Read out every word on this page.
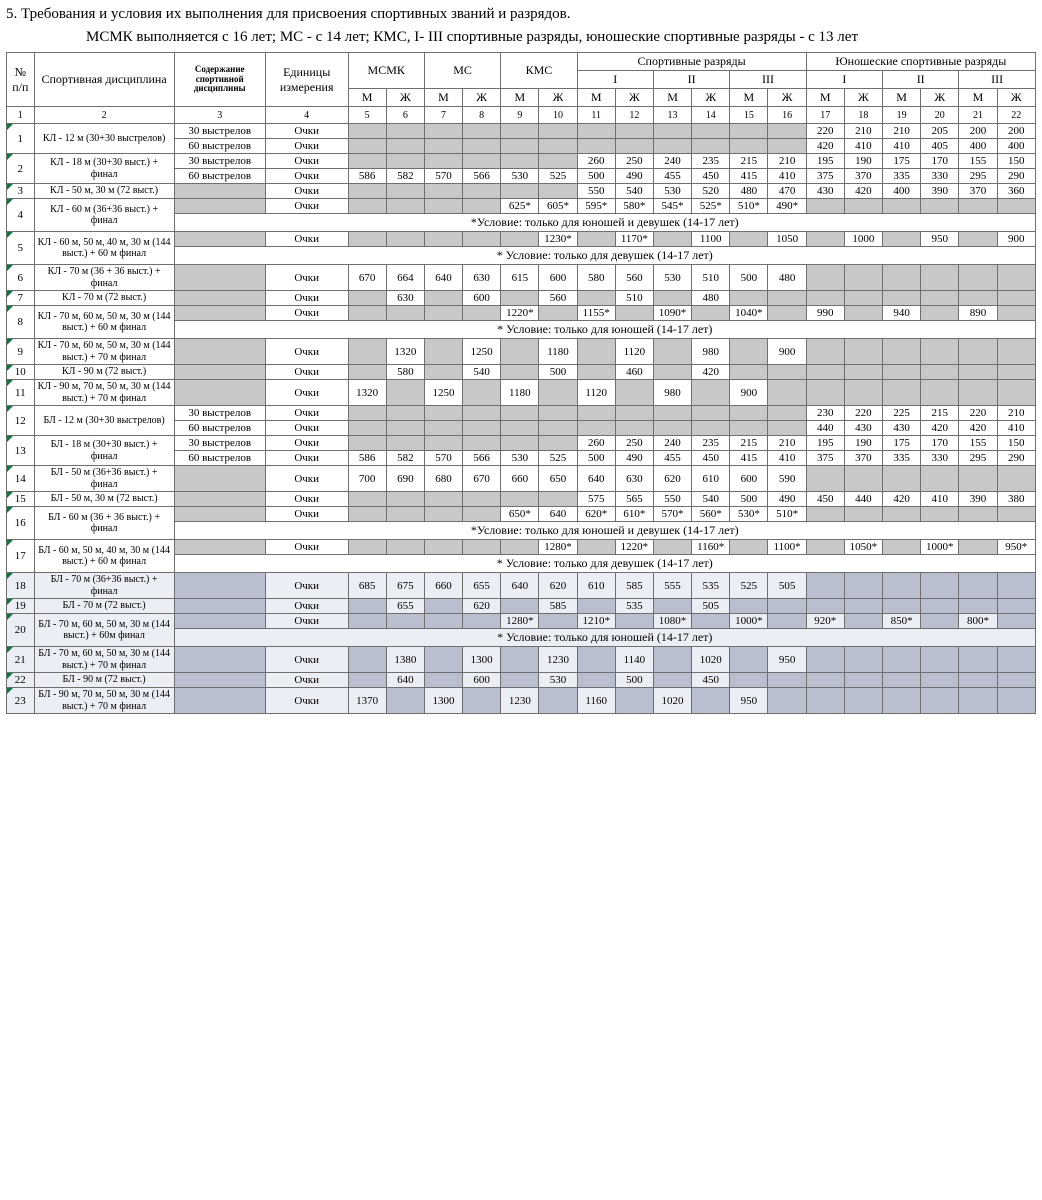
5. Требования и условия их выполнения для присвоения спортивных званий и разрядов.
МСМК выполняется с 16 лет; МС - с 14 лет; КМС, I- III спортивные разряды, юношеские спортивные разряды - с 13 лет
№ п/п	Спортивная дисциплина	Содержание спортивной дисциплины	Единицы измерения	МСМК		МС		КМС		Спортивные разряды						Юношеские спортивные разряды					
										I		II		III		I		II		III	
				М	Ж	М	Ж	М	Ж	М	Ж	М	Ж	М	Ж	М	Ж	М	Ж	М	Ж
1	2	3	4	5	6	7	8	9	10	11	12	13	14	15	16	17	18	19	20	21	22
1	КЛ - 12 м (30+30 выстрелов)	30 выстрелов	Очки													220	210	210	205	200	200
		60 выстрелов	Очки													420	410	410	405	400	400
2	КЛ - 18 м (30+30 выст.) + финал	30 выстрелов	Очки							260	250	240	235	215	210	195	190	175	170	155	150
		60 выстрелов	Очки	586	582	570	566	530	525	500	490	455	450	415	410	375	370	335	330	295	290
3	КЛ - 50 м, 30 м (72 выст.)		Очки							550	540	530	520	480	470	430	420	400	390	370	360
4	КЛ - 60 м (36+36 выст.) + финал		Очки					625*	605*	595*	580*	545*	525*	510*	490*						
		*Условие: только для юношей и девушек (14-17 лет)																			
5	КЛ - 60 м, 50 м, 40 м, 30 м (144 выст.) + 60 м финал		Очки						1230*		1170*		1100		1050		1000		950		900
		* Условие: только для девушек (14-17 лет)																			
6	КЛ - 70 м (36 + 36 выст.) + финал		Очки	670	664	640	630	615	600	580	560	530	510	500	480						
7	КЛ - 70 м (72 выст.)		Очки		630		600		560		510		480								
8	КЛ - 70 м, 60 м, 50 м, 30 м (144 выст.) + 60 м финал		Очки					1220*		1155*		1090*		1040*		990		940		890	
		* Условие: только для юношей (14-17 лет)																			
9	КЛ - 70 м, 60 м, 50 м, 30 м (144 выст.) + 70 м финал		Очки		1320		1250		1180		1120		980		900						
10	КЛ - 90 м (72 выст.)		Очки		580		540		500		460		420								
11	КЛ - 90 м, 70 м, 50 м, 30 м (144 выст.) + 70 м финал		Очки	1320		1250		1180		1120		980		900							
12	БЛ - 12 м (30+30 выстрелов)	30 выстрелов	Очки													230	220	225	215	220	210
		60 выстрелов	Очки													440	430	430	420	420	410
13	БЛ - 18 м (30+30 выст.) + финал	30 выстрелов	Очки							260	250	240	235	215	210	195	190	175	170	155	150
		60 выстрелов	Очки	586	582	570	566	530	525	500	490	455	450	415	410	375	370	335	330	295	290
14	БЛ - 50 м (36+36 выст.) + финал		Очки	700	690	680	670	660	650	640	630	620	610	600	590						
15	БЛ - 50 м, 30 м (72 выст.)		Очки							575	565	550	540	500	490	450	440	420	410	390	380
16	БЛ - 60 м (36 + 36 выст.) + финал		Очки					650*	640	620*	610*	570*	560*	530*	510*						
		*Условие: только для юношей и девушек (14-17 лет)																			
17	БЛ - 60 м, 50 м, 40 м, 30 м (144 выст.) + 60 м финал		Очки						1280*		1220*		1160*		1100*		1050*		1000*		950*
		* Условие: только для девушек (14-17 лет)																			
18	БЛ - 70 м (36+36 выст.) + финал		Очки	685	675	660	655	640	620	610	585	555	535	525	505						
19	БЛ - 70 м (72 выст.)		Очки		655		620		585		535		505								
20	БЛ - 70 м, 60 м, 50 м, 30 м (144 выст.) + 60м финал		Очки					1280*		1210*		1080*		1000*		920*		850*		800*	
		* Условие: только для юношей (14-17 лет)																			
21	БЛ - 70 м, 60 м, 50 м, 30 м (144 выст.) + 70 м финал		Очки		1380		1300		1230		1140		1020		950						
22	БЛ - 90 м (72 выст.)		Очки		640		600		530		500		450								
23	БЛ - 90 м, 70 м, 50 м, 30 м (144 выст.) + 70 м финал		Очки	1370		1300		1230		1160		1020		950							
